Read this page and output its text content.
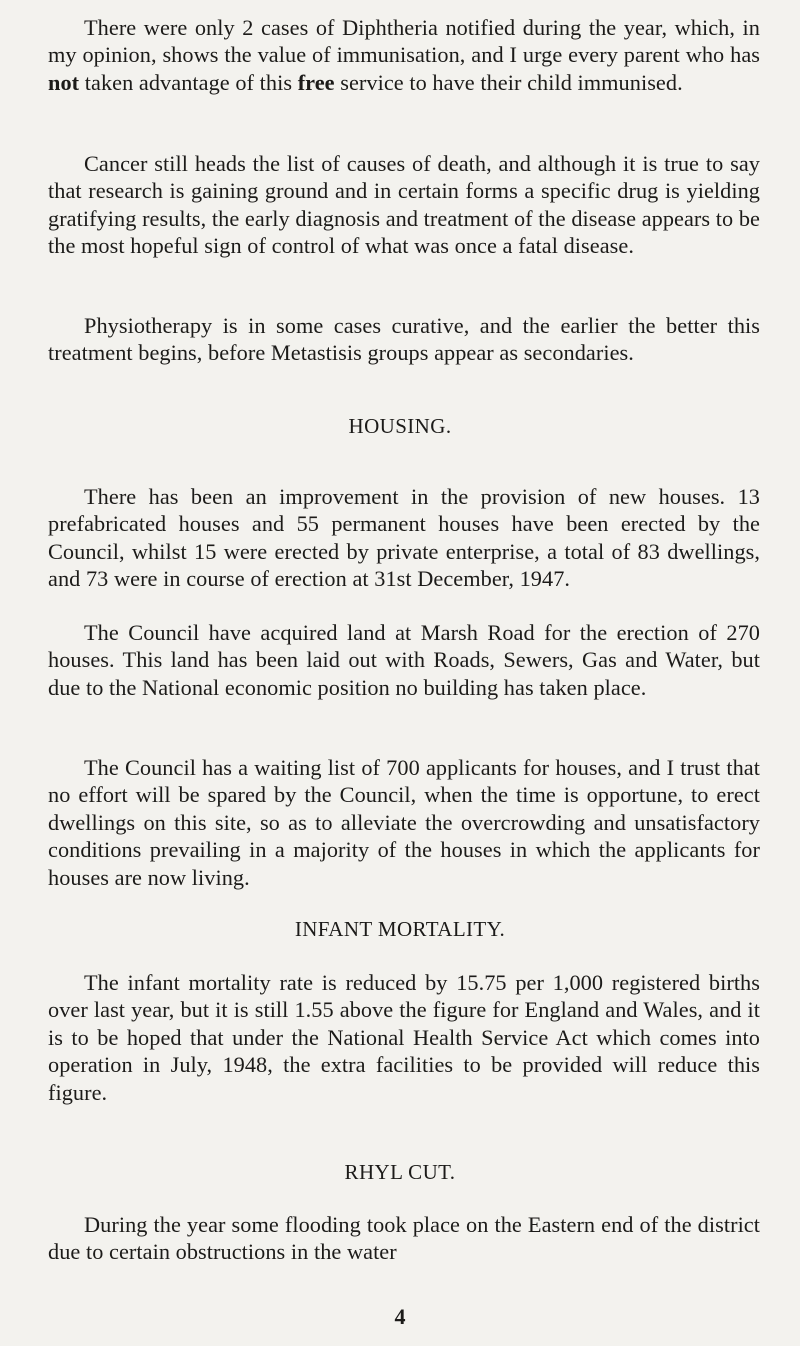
There were only 2 cases of Diphtheria notified during the year, which, in my opinion, shows the value of immunisation, and I urge every parent who has not taken advantage of this free service to have their child immunised.

Cancer still heads the list of causes of death, and although it is true to say that research is gaining ground and in certain forms a specific drug is yielding gratifying results, the early diagnosis and treatment of the disease appears to be the most hopeful sign of control of what was once a fatal disease.

Physiotherapy is in some cases curative, and the earlier the better this treatment begins, before Metastisis groups appear as secondaries.

HOUSING.

There has been an improvement in the provision of new houses. 13 prefabricated houses and 55 permanent houses have been erected by the Council, whilst 15 were erected by private enterprise, a total of 83 dwellings, and 73 were in course of erection at 31st December, 1947.

The Council have acquired land at Marsh Road for the erection of 270 houses. This land has been laid out with Roads, Sewers, Gas and Water, but due to the National economic position no building has taken place.

The Council has a waiting list of 700 applicants for houses, and I trust that no effort will be spared by the Council, when the time is opportune, to erect dwellings on this site, so as to alleviate the overcrowding and unsatisfactory conditions prevailing in a majority of the houses in which the applicants for houses are now living.

INFANT MORTALITY.

The infant mortality rate is reduced by 15.75 per 1,000 registered births over last year, but it is still 1.55 above the figure for England and Wales, and it is to be hoped that under the National Health Service Act which comes into operation in July, 1948, the extra facilities to be provided will reduce this figure.

RHYL CUT.

During the year some flooding took place on the Eastern end of the district due to certain obstructions in the water

4
